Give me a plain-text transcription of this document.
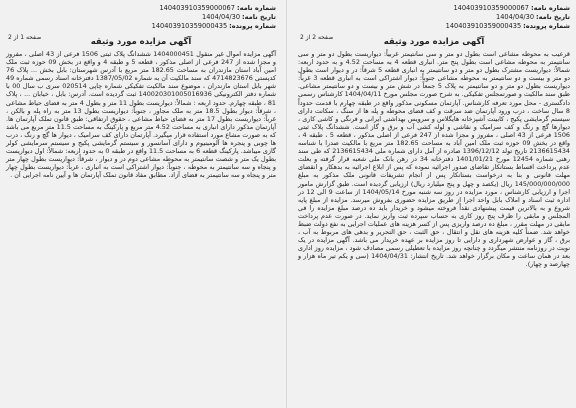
شماره نامه:
140403910359000067
تاریخ نامه:
1404/04/30
شماره پرونده:
140403910359000435
صفحه 1 از 2	آگهی مزایده مورد وثیقه

آگهی مزایده اموال غیر منقول 1404000451 ششدانگ پلاک ثبتی 1506 فرعی از 43 اصلی ، مفروز و مجزا شده از 247 فرعی از اصلی مذکور ، قطعه 5 و طبقه 4 و واقع در بخش 09 حوزه ثبت ملک امین آباد استان مازندران به مساحت 182.65 متر مربع با آدرس شهرستان: بابل بخش ... پلاک 76 کدپستی 4714823676 که سند مالکیت آن به شماره 1387/05/02 دفترخانه اسناد رسمی شماره 49 شهر بابل استان مازندران ، موضوع سند مالکیت تفکیکی شماره چاپی 020514 سری ب سال 00 با شماره دفتر الکترونیکی 140020301005016936 ثبت گردیده است. آدرس: بابل ، خیابان ... ، پلاک 81 ، طبقه چهارم. حدود اربعه : شمالاً: دیواریست بطول 11 متر و بطول 4 متر به فضای حیاط مشاعی ، شرقاً: دیوار بطول 18.5 متر به ملک مجاور ، جنوباً: دیواریست بطول 13 متر به راه پله و بالکن ، غرباً: دیواریست بطول 17 متر به فضای حیاط مشاعی ، حقوق ارتفاقی: طبق قانون تملک آپارتمان ها. آپارتمان مذکور دارای انباری به مساحت 4.52 متر مربع و پارکینگ به مساحت 11.5 متر مربع می باشد که به صورت مشاع مورد استفاده قرار میگیرد. آپارتمان دارای کف سرامیک ، دیوار ها گچ و رنگ ، درب ها چوبی و پنجره ها آلومینیوم و دارای آسانسور و سیستم گرمایشی پکیج و سیستم سرمایشی کولر گازی میباشد. پارکینگ قطعه 6 به مساحت 11.5 واقع در طبقه 0 به حدود اربعه: شمالاً: اول دیواریست بطول یک متر و شصت سانتیمتر به محوطه مشاعی دوم در و دیوار ، شرقاً: دیواریست بطول چهار متر و پنجاه و سه سانتیمتر به محوطه ، جنوباً: دیوار اشتراکی است به انباری ، غرباً: دیواریست بطول چهار متر و پنجاه و سه سانتیمتر به فضای آزاد. مطابق مفاد قانون تملک آپارتمان ها و آیین نامه اجرایی آن .

شماره نامه:
140403910359000067
تاریخ نامه:
1404/04/30
شماره پرونده:
140403910359000435
صفحه 2 از 2	آگهی مزایده مورد وثیقه

قرعیب به محوطه مشاعی است بطول دو متر و سی سانتیمتر غربیاً: دیواریست بطول دو متر و سی سانتیمتر به محوطه مشاعی است بطول پنج متر. انباری قطعه 4 به مساحت 4.52 و به حدود اربعه: شمالاً: دیواریست مشترک بطول دو متر و دو سانتیمتر به انباری قطعه 5 شرقاً: در و دیوار است بطول دو متر و بیست و دو سانتیمتر به محوطه مشاعی جنوباً: دیوار اشتراکی است به انباری قطعه 3 غرباً: دیواریست بطول دو متر و دو سانتیمتر به پلاک 5 جمعاً در شش متر و بیست و دو سانتیمتر مشاعی. طبق سند مالکیت و صورتمجلس تفکیکی. به شرح صورت مجلس مورخ 1404/04/11 کارشناس رسمی دادگستری - محل مورد تعرفه کارشناس. آپارتمان مسکونی مذکور واقع در طبقه چهارم با قدمت حدوداً 8 سال ساخت ، درب ورود آپارتمان ضد سرقت و کف فضای محوطه و پله ها از سنگ ، سکانت دارای سیستم گرمایشی پکیج ، کابینت آشپزخانه هایگلاس و سرویس بهداشتی ایرانی و فرنگی و کاشی کاری ، دیوارها گچ و رنگ و کف سرامیک و نقاشی و لوله کشی آب و برق و گاز است. ششدانگ پلاک ثبتی 1506 فرعی از 43 اصلی ، مفروز و مجزا شده از 247 فرعی از اصلی مذکور ، قطعه 5 ، طبقه 4 ، واقع در بخش 09 حوزه ثبت ملک امین آباد به مساحت 182.65 متر مربع با مالکیت صدرا با شناسه 2136615434 تاریخ تولد 1396/12/12 صادره از آمل دارای شماره ملی 2136615434 که طی سند رهنی شماره 12454 مورخ 1401/01/21 دفترخانه 34 در رهن بانک ملی شعبه قرار گرفته و بعلت عدم پرداخت اقساط بستانکار تقاضای صدور اجرائیه نموده که پس از ابلاغ اجرائیه به بدهکار و انقضای مهلت قانونی و بنا به درخواست بستانکار پس از انجام تشریفات قانونی ملک مذکور به مبلغ 145/000/000/000 ریال (یکصد و چهل و پنج میلیارد ریال) ارزیابی گردیده است. طبق گزارش مامور اجرا و ارزیابی کارشناس ، مورد مزایده در روز سه شنبه مورخ 1404/05/14 از ساعت 9 الی 12 در اداره ثبت اسناد و املاک بابل واحد اجرا از طریق مزایده حضوری بفروش میرسد. مزایده از مبلغ پایه شروع و به بالاترین قیمت پیشنهادی نقداً فروخته میشود و خریدار باید ده درصد مبلغ مزایده را فی المجلس و مابقی را ظرف پنج روز کاری به حساب سپرده ثبت واریز نماید. در صورت عدم پرداخت مابقی در مهلت مقرر ، مبلغ ده درصد واریزی پس از کسر هزینه های عملیات اجرایی به نفع دولت ضبط خواهد شد. ضمناً کلیه هزینه های نقل و انتقال ، حق الثبت ، حق التحریر و بدهی های مربوط به آب ، برق ، گاز و عوارض شهرداری و دارایی تا روز مزایده بر عهده خریدار می باشد. آگهی مزایده در یک نوبت در روزنامه منتشر میگردد و چنانچه روز مزایده با تعطیلی رسمی مصادف شود ، مزایده روز اداری بعد در همان ساعت و مکان برگزار خواهد شد. تاریخ انتشار: 1404/04/31 (سی و یکم تیر ماه هزار و چهارصد و چهار).
